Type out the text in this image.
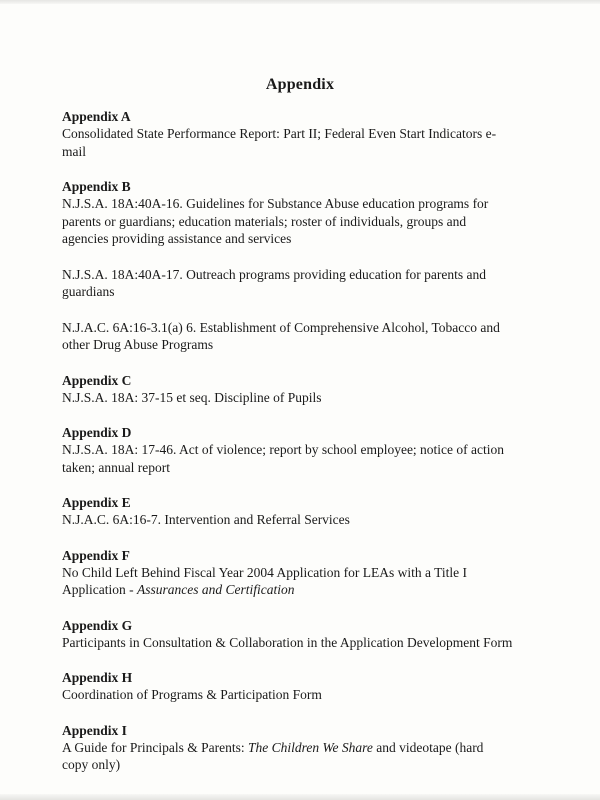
Appendix
Appendix A
Consolidated State Performance Report: Part II; Federal Even Start Indicators e-
mail
Appendix B
N.J.S.A. 18A:40A-16. Guidelines for Substance Abuse education programs for
parents or guardians; education materials; roster of individuals, groups and
agencies providing assistance and services
N.J.S.A. 18A:40A-17. Outreach programs providing education for parents and
guardians
N.J.A.C. 6A:16-3.1(a) 6. Establishment of Comprehensive Alcohol, Tobacco and
other Drug Abuse Programs
Appendix C
N.J.S.A. 18A: 37-15 et seq. Discipline of Pupils
Appendix D
N.J.S.A. 18A: 17-46. Act of violence; report by school employee; notice of action
taken; annual report
Appendix E
N.J.A.C. 6A:16-7. Intervention and Referral Services
Appendix F
No Child Left Behind Fiscal Year 2004 Application for LEAs with a Title I
Application - Assurances and Certification
Appendix G
Participants in Consultation & Collaboration in the Application Development Form
Appendix H
Coordination of Programs & Participation Form
Appendix I
A Guide for Principals & Parents: The Children We Share and videotape (hard
copy only)
